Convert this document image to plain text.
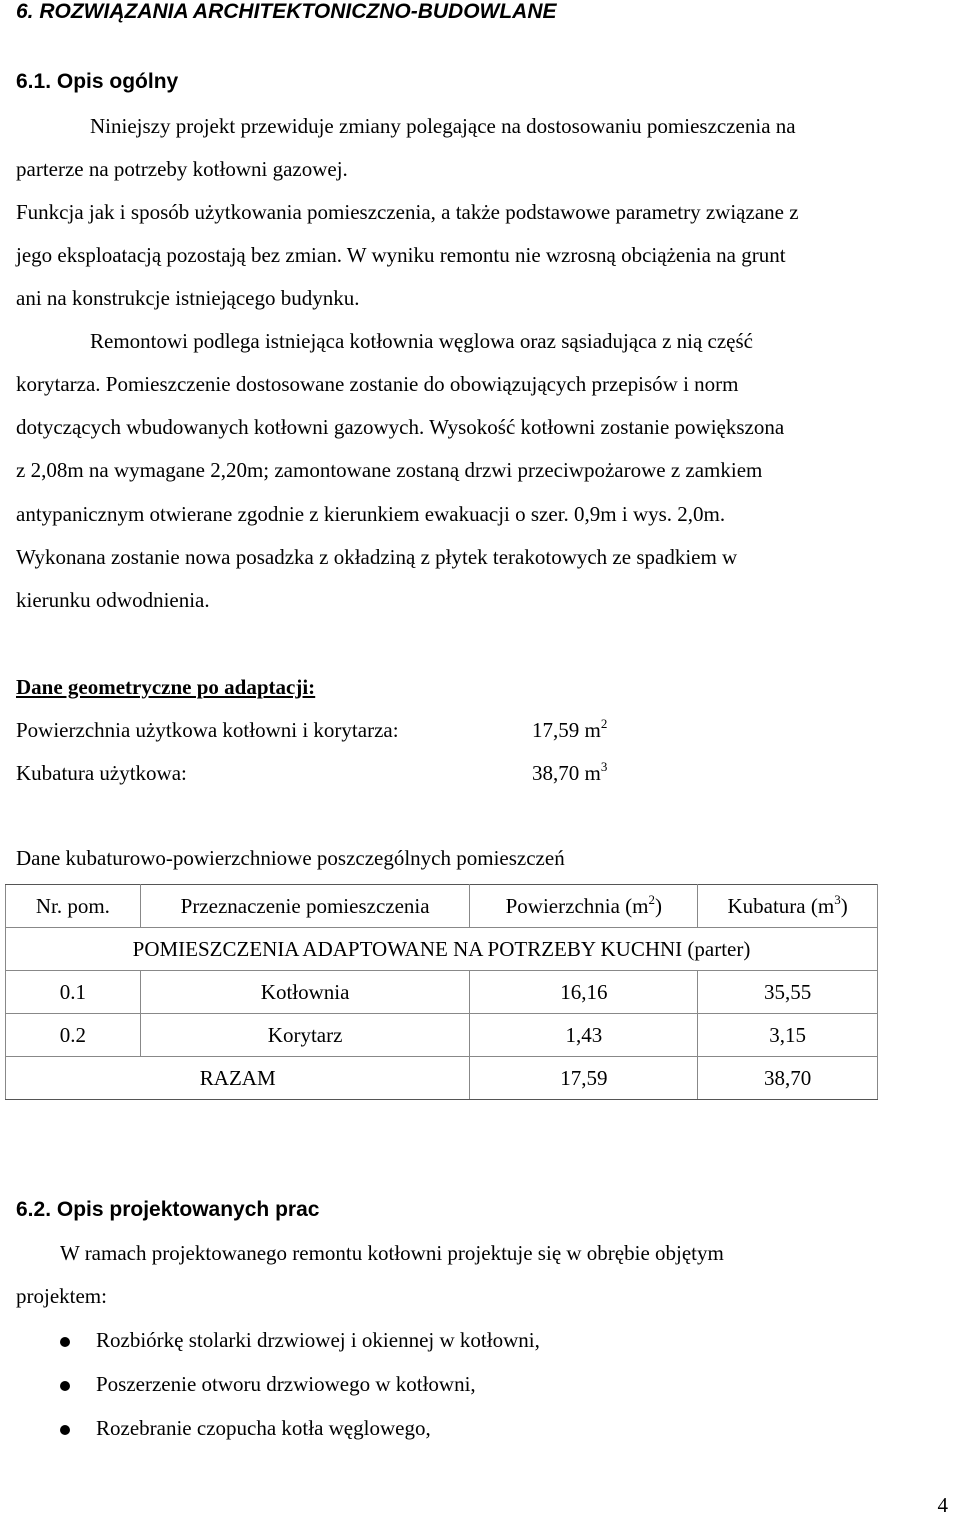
6. ROZWIĄZANIA ARCHITEKTONICZNO-BUDOWLANE
6.1. Opis ogólny
Niniejszy projekt przewiduje zmiany polegające na dostosowaniu pomieszczenia na
parterze na potrzeby kotłowni gazowej.
Funkcja jak i sposób użytkowania pomieszczenia, a także podstawowe parametry związane z
jego eksploatacją pozostają bez zmian. W wyniku remontu nie wzrosną obciążenia na grunt
ani na konstrukcje istniejącego budynku.
Remontowi podlega istniejąca kotłownia węglowa oraz sąsiadująca z nią część
korytarza. Pomieszczenie dostosowane zostanie do obowiązujących przepisów i norm
dotyczących wbudowanych kotłowni gazowych. Wysokość kotłowni zostanie powiększona
z 2,08m na wymagane 2,20m; zamontowane zostaną drzwi przeciwpożarowe z zamkiem
antypanicznym otwierane zgodnie z kierunkiem ewakuacji o szer. 0,9m i wys. 2,0m.
Wykonana zostanie nowa posadzka z okładziną z płytek terakotowych ze spadkiem w
kierunku odwodnienia.
Dane geometryczne po adaptacji:
Powierzchnia użytkowa kotłowni i korytarza:	17,59 $m^2$
Kubatura użytkowa:	38,70 $m^3$
Dane kubaturowo-powierzchniowe poszczególnych pomieszczeń
Nr. pom.	Przeznaczenie pomieszczenia	Powierzchnia $(m^2)$	Kubatura $(m^3)$
POMIESZCZENIA ADAPTOWANE NA POTRZEBY KUCHNI (parter)			
0.1	Kotłownia	16,16	35,55
0.2	Korytarz	1,43	3,15
RAZAM		17,59	38,70
6.2. Opis projektowanych prac
W ramach projektowanego remontu kotłowni projektuje się w obrębie objętym
projektem:
Rozbiórkę stolarki drzwiowej i okiennej w kotłowni,
Poszerzenie otworu drzwiowego w kotłowni,
Rozebranie czopucha kotła węglowego,
4
